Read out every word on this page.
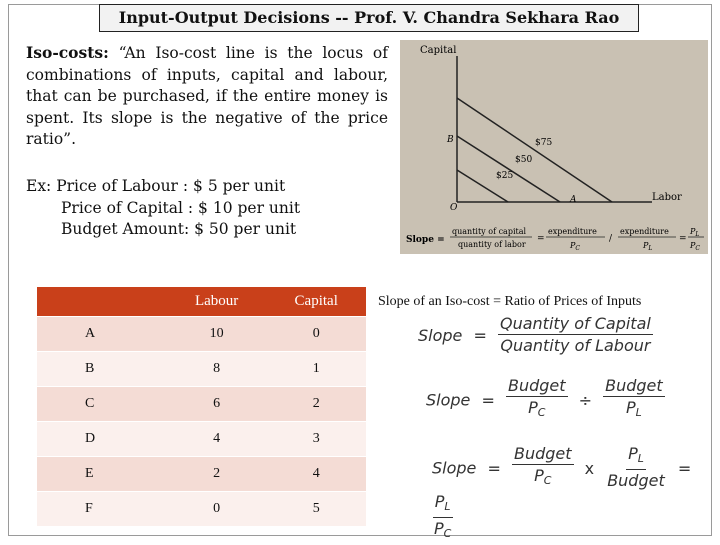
Input-Output Decisions -- Prof. V. Chandra Sekhara Rao
Iso-costs: “An Iso-cost line is the locus of combinations of inputs, capital and labour, that can be purchased, if the entire money is spent. Its slope is the negative of the price ratio”.
Ex: Price of Labour : $ 5 per unit
Price of Capital : $ 10 per unit
Budget Amount: $ 50 per unit
Capital
Labor
O
B
A
$75
$50
$25
Slope =
quantity of capital
quantity of labor
=
expenditure
$P_C$
/
expenditure
$P_L$
=
$P_L$
$P_C$
	Labour	Capital
A	10	0
B	8	1
C	6	2
D	4	3
E	2	4
F	0	5
Slope of an Iso-cost = Ratio of Prices of Inputs
Slope = $\frac{\text{Quantity of Capital}}{\text{Quantity of Labour}}$
Slope = $\frac{\text{Budget}}{P_C} \div \frac{\text{Budget}}{P_L}$
Slope = $\frac{\text{Budget}}{P_C}$ x $\frac{P_L}{\text{Budget}}$ =
$\frac{P_L}{P_C}$
